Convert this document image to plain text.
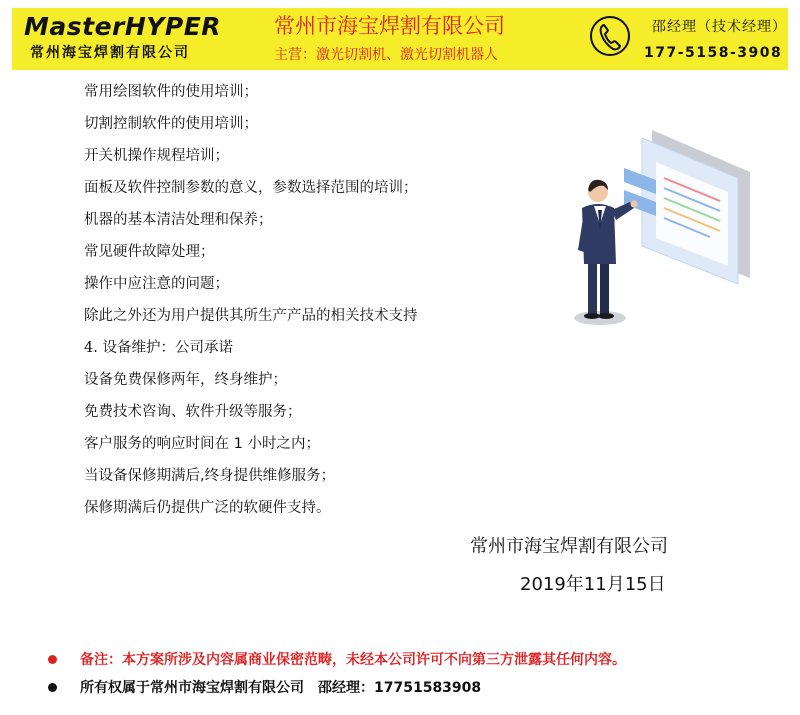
MasterHYPER
常州海宝焊割有限公司
常州市海宝焊割有限公司
主营：激光切割机、激光切割机器人
邵经理（技术经理）
177-5158-3908
常用绘图软件的使用培训；
切割控制软件的使用培训；
开关机操作规程培训；
面板及软件控制参数的意义，参数选择范围的培训；
机器的基本清洁处理和保养；
常见硬件故障处理；
操作中应注意的问题；
除此之外还为用户提供其所生产产品的相关技术支持
4. 设备维护：公司承诺
设备免费保修两年，终身维护；
免费技术咨询、软件升级等服务；
客户服务的响应时间在 1 小时之内；
当设备保修期满后,终身提供维修服务；
保修期满后仍提供广泛的软硬件支持。
常州市海宝焊割有限公司
2019年11月15日
备注：本方案所涉及内容属商业保密范畴，未经本公司许可不向第三方泄露其任何内容。
所有权属于常州市海宝焊割有限公司　邵经理：17751583908
